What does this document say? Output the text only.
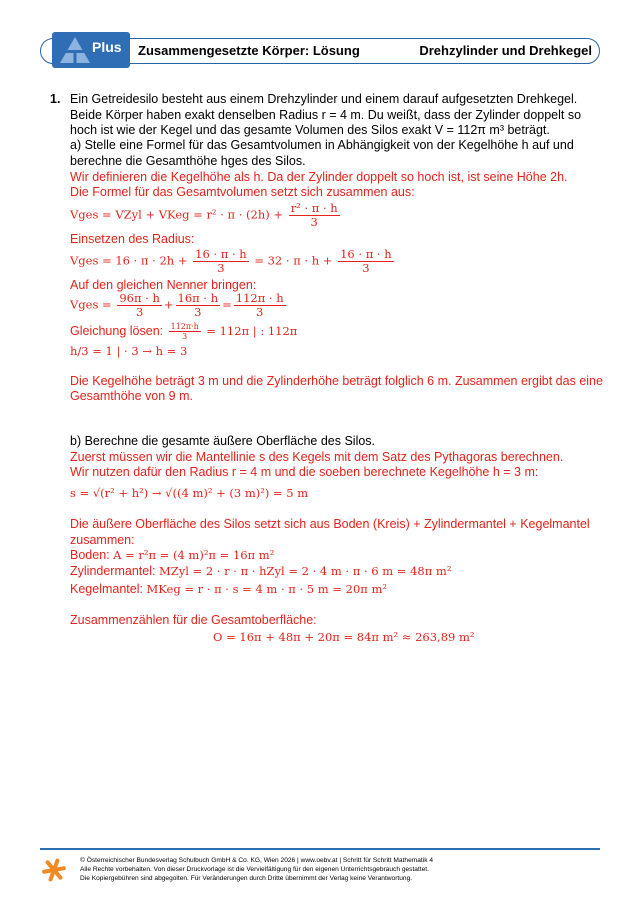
Plus Zusammengesetzte Körper: Lösung	Drehzylinder und Drehkegel
1. Ein Getreidesilo besteht aus einem Drehzylinder und einem darauf aufgesetzten Drehkegel.
Beide Körper haben exakt denselben Radius r = 4 m. Du weißt, dass der Zylinder doppelt so
hoch ist wie der Kegel und das gesamte Volumen des Silos exakt V = 112π m³ beträgt.
a) Stelle eine Formel für das Gesamtvolumen in Abhängigkeit von der Kegelhöhe h auf und
berechne die Gesamthöhe hges des Silos.
Wir definieren die Kegelhöhe als h. Da der Zylinder doppelt so hoch ist, ist seine Höhe 2h.
Die Formel für das Gesamtvolumen setzt sich zusammen aus:
Vges = VZyl + VKeg = $r^2 \cdot \pi \cdot (2h) + \frac{\text{r² · π · h}}{3}$
Einsetzen des Radius:
Vges = $16 \cdot \pi \cdot 2h + \frac{16 \cdot \pi \cdot h}{3} = 32 \cdot \pi \cdot h + \frac{16 \cdot \pi \cdot h}{3}$
Auf den gleichen Nenner bringen:
Vges = $\frac{96\pi \cdot h}{3} + \frac{16\pi \cdot h}{3} = \frac{112\pi \cdot h}{3}$
Gleichung lösen: $\frac{112\pi\cdot h}{3} = 112\pi$ | : 112π
h/3 = 1 | · 3 → h = 3
Die Kegelhöhe beträgt 3 m und die Zylinderhöhe beträgt folglich 6 m. Zusammen ergibt das eine
Gesamthöhe von 9 m.
b) Berechne die gesamte äußere Oberfläche des Silos.
Zuerst müssen wir die Mantellinie s des Kegels mit dem Satz des Pythagoras berechnen.
Wir nutzen dafür den Radius r = 4 m und die soeben berechnete Kegelhöhe h = 3 m:
s = √(r² + h²) → √((4 m)² + (3 m)²) = 5 m
Die äußere Oberfläche des Silos setzt sich aus Boden (Kreis) + Zylindermantel + Kegelmantel
zusammen:
Boden: A = r²π = (4 m)²π = 16π m²
Zylindermantel: MZyl = 2 · r · π · hZyl = 2 · 4 m · π · 6 m = 48π m²
Kegelmantel: MKeg = r · π · s = 4 m · π · 5 m = 20π m²
Zusammenzählen für die Gesamtoberfläche:
O = 16π + 48π + 20π = 84π m² ≈ 263,89 m²
© Österreichischer Bundesverlag Schulbuch GmbH & Co. KG, Wien 2026 | www.oebv.at | Schritt für Schritt Mathematik 4
Alle Rechte vorbehalten. Von dieser Druckvorlage ist die Vervielfältigung für den eigenen Unterrichtsgebrauch gestattet.
Die Kopiergebühren sind abgegolten. Für Veränderungen durch Dritte übernimmt der Verlag keine Verantwortung.
